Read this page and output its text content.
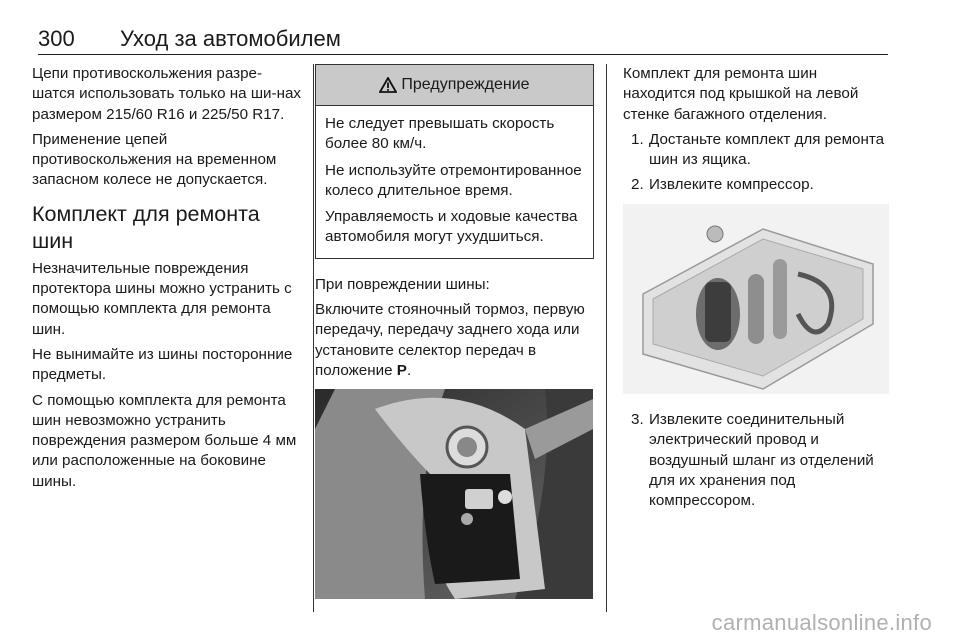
300 Уход за автомобилем

Цепи противоскольжения разре-шатся использовать только на ши-нах размером 215/60 R16 и 225/50 R17.

Применение цепей противоскольжения на временном запасном колесе не допускается.

Комплект для ремонта шин

Незначительные повреждения протектора шины можно устранить с помощью комплекта для ремонта шин.

Не вынимайте из шины посторонние предметы.

С помощью комплекта для ремонта шин невозможно устранить повреждения размером больше 4 мм или расположенные на боковине шины.

Предупреждение

Не следует превышать скорость более 80 км/ч.

Не используйте отремонтированное колесо длительное время.

Управляемость и ходовые качества автомобиля могут ухудшиться.

При повреждении шины:

Включите стояночный тормоз, первую передачу, передачу заднего хода или установите селектор передач в положение P.

Комплект для ремонта шин находится под крышкой на левой стенке багажного отделения.

1. Достаньте комплект для ремонта шин из ящика.
2. Извлеките компрессор.
3. Извлеките соединительный электрический провод и воздушный шланг из отделений для их хранения под компрессором.
carmanualsonline.info
